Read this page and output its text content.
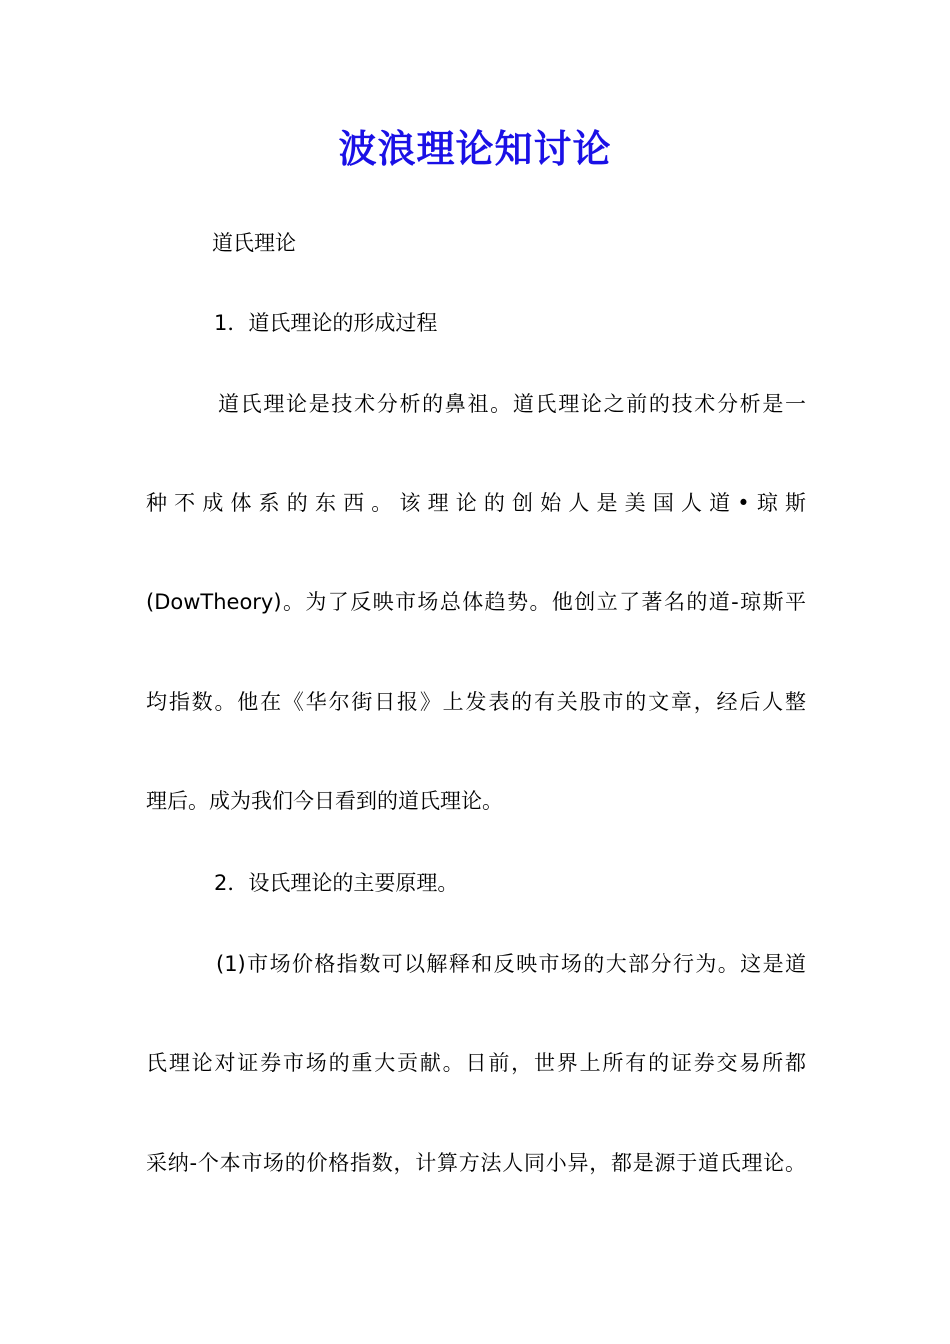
波浪理论知讨论
道氏理论
1．道氏理论的形成过程
道氏理论是技术分析的鼻祖。道氏理论之前的技术分析是一
种不成体系的东西。该理论的创始人是美国人道•琼斯
(DowTheory)。为了反映市场总体趋势。他创立了著名的道-琼斯平
均指数。他在《华尔街日报》上发表的有关股市的文章，经后人整
理后。成为我们今日看到的道氏理论。
2．设氏理论的主要原理。
(1)市场价格指数可以解释和反映市场的大部分行为。这是道
氏理论对证券市场的重大贡献。日前，世界上所有的证券交易所都
采纳-个本市场的价格指数，计算方法人同小异，都是源于道氏理论。
